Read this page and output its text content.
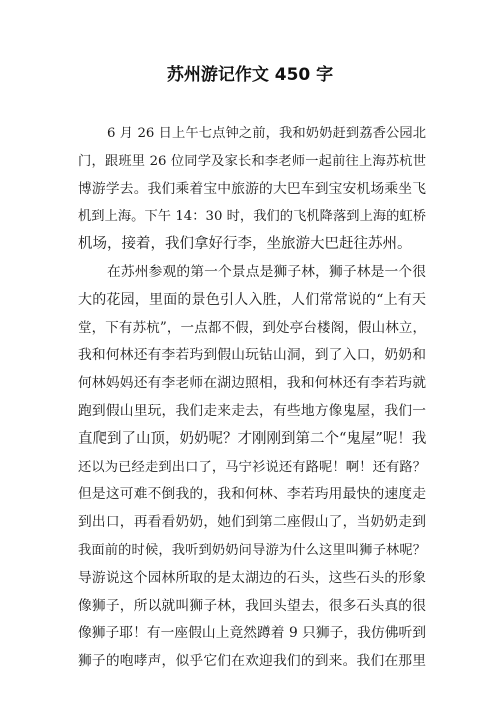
苏州游记作文 450 字
6 月 26 日上午七点钟之前，我和奶奶赶到荔香公园北
门，跟班里 26 位同学及家长和李老师一起前往上海苏杭世
博游学去。我们乘着宝中旅游的大巴车到宝安机场乘坐飞
机到上海。下午 14：30 时，我们的飞机降落到上海的虹桥
机场，接着，我们拿好行李，坐旅游大巴赶往苏州。
在苏州参观的第一个景点是狮子林，狮子林是一个很
大的花园，里面的景色引人入胜，人们常常说的“上有天
堂，下有苏杭”，一点都不假，到处亭台楼阁，假山林立，
我和何林还有李若玙到假山玩钻山洞，到了入口，奶奶和
何林妈妈还有李老师在湖边照相，我和何林还有李若玙就
跑到假山里玩，我们走来走去，有些地方像鬼屋，我们一
直爬到了山顶，奶奶呢？才刚刚到第二个“鬼屋”呢！我
还以为已经走到出口了，马宁衫说还有路呢！啊！还有路？
但是这可难不倒我的，我和何林、李若玙用最快的速度走
到出口，再看看奶奶，她们到第二座假山了，当奶奶走到
我面前的时候，我听到奶奶问导游为什么这里叫狮子林呢？
导游说这个园林所取的是太湖边的石头，这些石头的形象
像狮子，所以就叫狮子林，我回头望去，很多石头真的很
像狮子耶！有一座假山上竟然蹲着 9 只狮子，我仿佛听到
狮子的咆哮声，似乎它们在欢迎我们的到来。我们在那里
